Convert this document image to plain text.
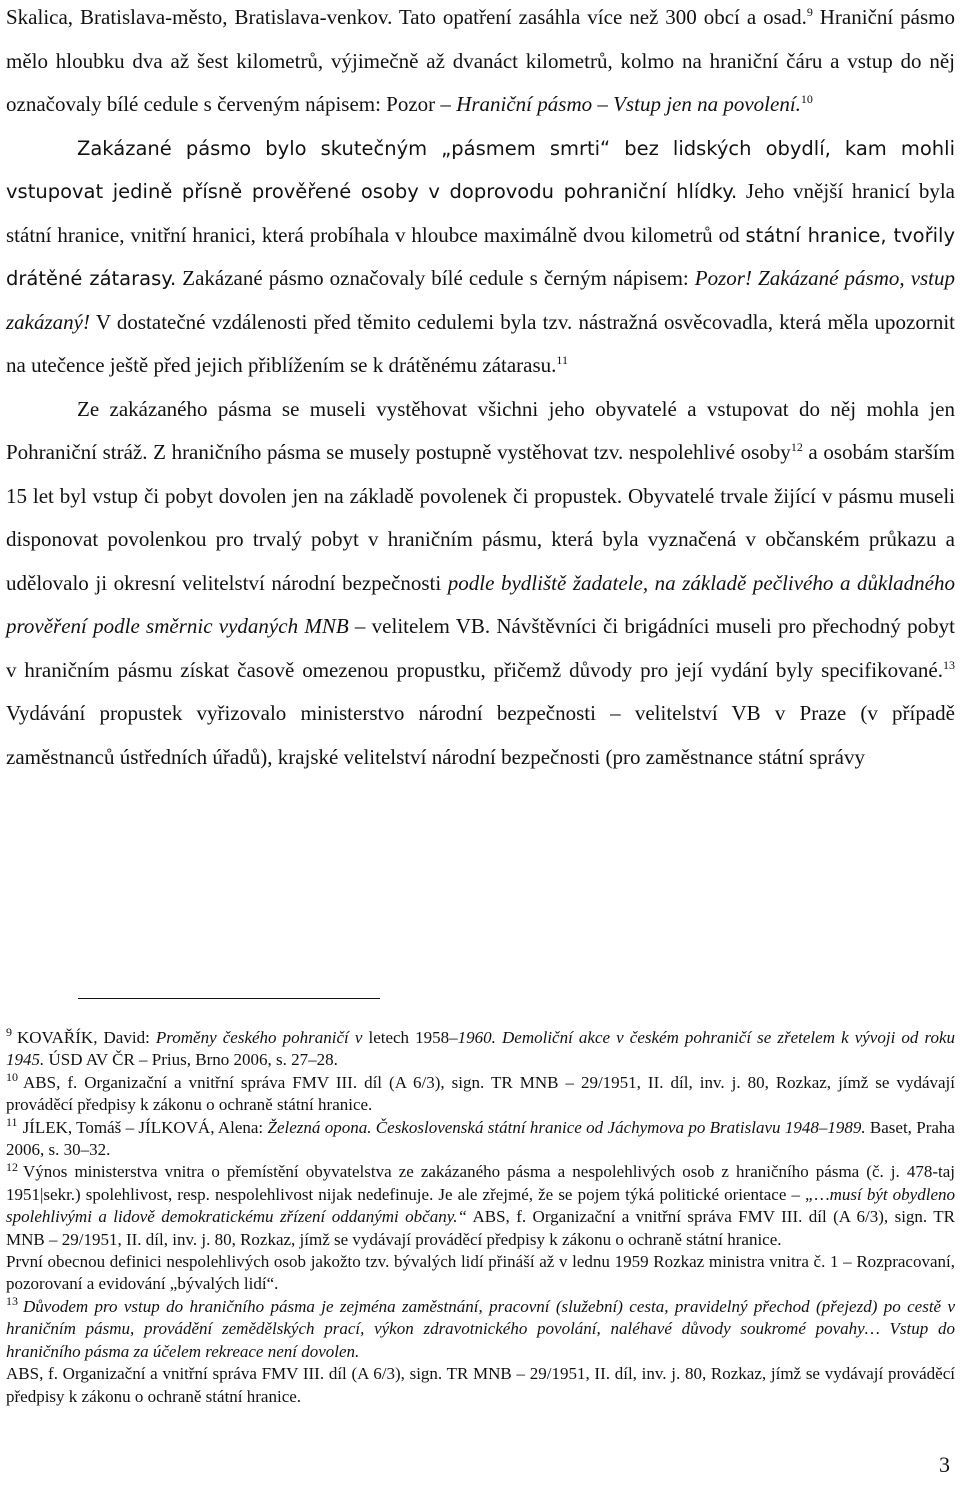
Skalica, Bratislava-město, Bratislava-venkov. Tato opatření zasáhla více než 300 obcí a osad.$^9$ Hraniční pásmo mělo hloubku dva až šest kilometrů, výjimečně až dvanáct kilometrů, kolmo na hraniční čáru a vstup do něj označovaly bílé cedule s červeným nápisem: Pozor – Hraniční pásmo – Vstup jen na povolení.$^{10}$

Zakázané pásmo bylo skutečným „pásmem smrti“ bez lidských obydlí, kam mohli vstupovat jedině přísně prověřené osoby v doprovodu pohraniční hlídky. Jeho vnější hranicí byla státní hranice, vnitřní hranici, která probíhala v hloubce maximálně dvou kilometrů od státní hranice, tvořily drátěné zátarasy. Zakázané pásmo označovaly bílé cedule s černým nápisem: Pozor! Zakázané pásmo, vstup zakázaný! V dostatečné vzdálenosti před těmito cedulemi byla tzv. nástražná osvěcovadla, která měla upozornit na utečence ještě před jejich přiblížením se k drátěnému zátarasu.$^{11}$

Ze zakázaného pásma se museli vystěhovat všichni jeho obyvatelé a vstupovat do něj mohla jen Pohraniční stráž. Z hraničního pásma se musely postupně vystěhovat tzv. nespolehlivé osoby$^{12}$ a osobám starším 15 let byl vstup či pobyt dovolen jen na základě povolenek či propustek. Obyvatelé trvale žijící v pásmu museli disponovat povolenkou pro trvalý pobyt v hraničním pásmu, která byla vyznačená v občanském průkazu a udělovalo ji okresní velitelství národní bezpečnosti podle bydliště žadatele, na základě pečlivého a důkladného prověření podle směrnic vydaných MNB – velitelem VB. Návštěvníci či brigádníci museli pro přechodný pobyt v hraničním pásmu získat časově omezenou propustku, přičemž důvody pro její vydání byly specifikované.$^{13}$ Vydávání propustek vyřizovalo ministerstvo národní bezpečnosti – velitelství VB v Praze (v případě zaměstnanců ústředních úřadů), krajské velitelství národní bezpečnosti (pro zaměstnance státní správy

$^9$ KOVAŘÍK, David: Proměny českého pohraničí v letech 1958–1960. Demoliční akce v českém pohraničí se zřetelem k vývoji od roku 1945. ÚSD AV ČR – Prius, Brno 2006, s. 27–28.

$^{10}$ ABS, f. Organizační a vnitřní správa FMV III. díl (A 6/3), sign. TR MNB – 29/1951, II. díl, inv. j. 80, Rozkaz, jímž se vydávají prováděcí předpisy k zákonu o ochraně státní hranice.

$^{11}$ JÍLEK, Tomáš – JÍLKOVÁ, Alena: Železná opona. Československá státní hranice od Jáchymova po Bratislavu 1948–1989. Baset, Praha 2006, s. 30–32.

$^{12}$ Výnos ministerstva vnitra o přemístění obyvatelstva ze zakázaného pásma a nespolehlivých osob z hraničního pásma (č. j. 478-taj 1951|sekr.) spolehlivost, resp. nespolehlivost nijak nedefinuje. Je ale zřejmé, že se pojem týká politické orientace – „…musí být obydleno spolehlivými a lidově demokratickému zřízení oddanými občany.“ ABS, f. Organizační a vnitřní správa FMV III. díl (A 6/3), sign. TR MNB – 29/1951, II. díl, inv. j. 80, Rozkaz, jímž se vydávají prováděcí předpisy k zákonu o ochraně státní hranice.

První obecnou definici nespolehlivých osob jakožto tzv. bývalých lidí přináší až v lednu 1959 Rozkaz ministra vnitra č. 1 – Rozpracovaní, pozorovaní a evidování „bývalých lidí“.

$^{13}$ Důvodem pro vstup do hraničního pásma je zejména zaměstnání, pracovní (služební) cesta, pravidelný přechod (přejezd) po cestě v hraničním pásmu, provádění zemědělských prací, výkon zdravotnického povolání, naléhavé důvody soukromé povahy… Vstup do hraničního pásma za účelem rekreace není dovolen.

ABS, f. Organizační a vnitřní správa FMV III. díl (A 6/3), sign. TR MNB – 29/1951, II. díl, inv. j. 80, Rozkaz, jímž se vydávají prováděcí předpisy k zákonu o ochraně státní hranice.

3
